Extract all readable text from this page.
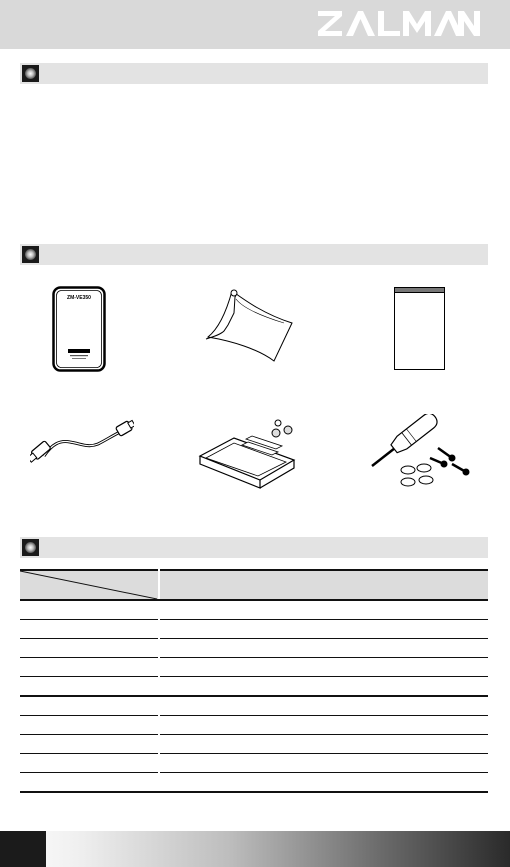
ZM-VE350
